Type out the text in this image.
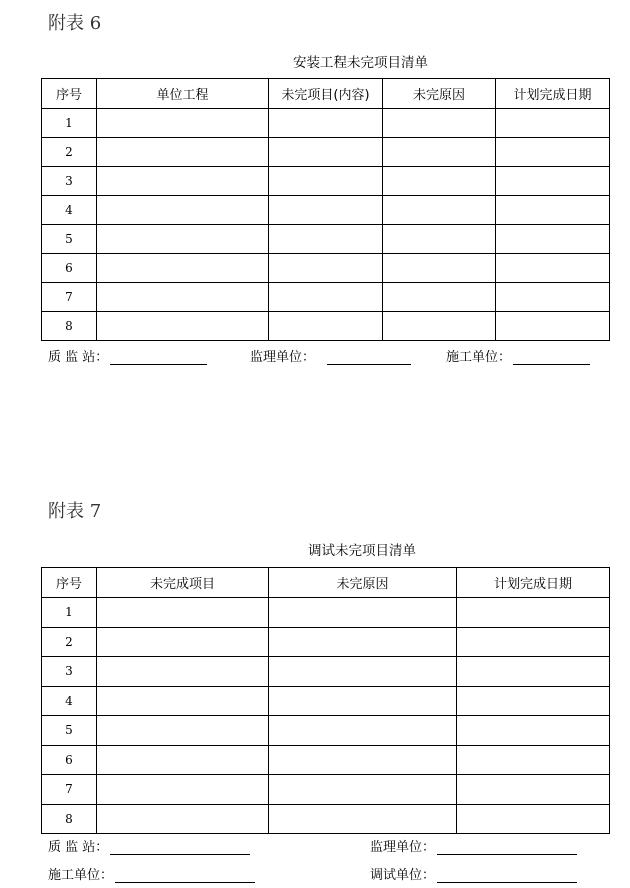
附表 6
安装工程未完项目清单
序号	单位工程	未完项目(内容)	未完原因	计划完成日期
1				
2				
3				
4				
5				
6				
7				
8				
质 监 站：	监理单位：	施工单位：
附表 7
调试未完项目清单
序号	未完成项目	未完原因	计划完成日期
1			
2			
3			
4			
5			
6			
7			
8			
质 监 站：	监理单位：
施工单位：	调试单位：
